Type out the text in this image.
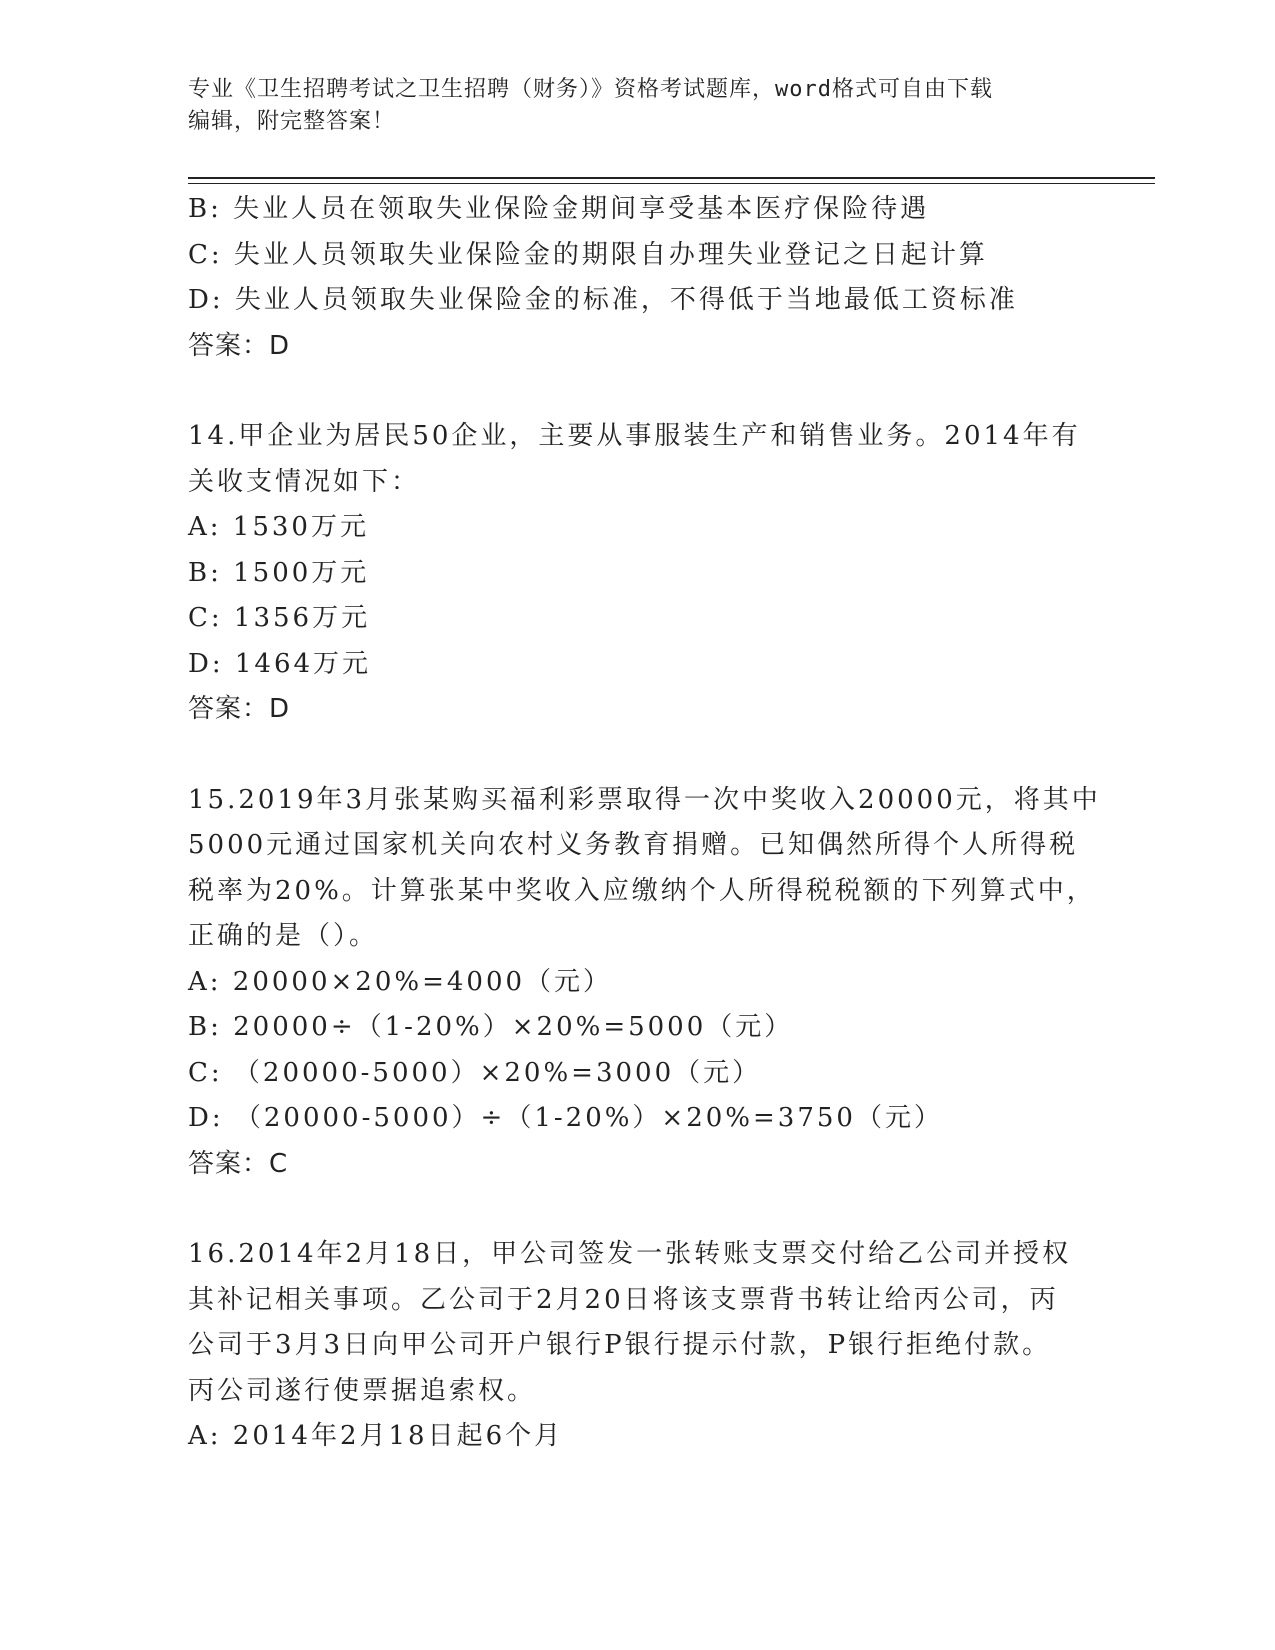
专业《卫生招聘考试之卫生招聘（财务）》资格考试题库，word格式可自由下载
编辑，附完整答案！
B: 失业人员在领取失业保险金期间享受基本医疗保险待遇
C: 失业人员领取失业保险金的期限自办理失业登记之日起计算
D: 失业人员领取失业保险金的标准，不得低于当地最低工资标准
答案：D
14.甲企业为居民50企业，主要从事服装生产和销售业务。2014年有
关收支情况如下：
A: 1530万元
B: 1500万元
C: 1356万元
D: 1464万元
答案：D
15.2019年3月张某购买福利彩票取得一次中奖收入20000元，将其中
5000元通过国家机关向农村义务教育捐赠。已知偶然所得个人所得税
税率为20%。计算张某中奖收入应缴纳个人所得税税额的下列算式中，
正确的是（）。
A: 20000×20%=4000（元）
B: 20000÷（1-20%）×20%=5000（元）
C: （20000-5000）×20%=3000（元）
D: （20000-5000）÷（1-20%）×20%=3750（元）
答案：C
16.2014年2月18日，甲公司签发一张转账支票交付给乙公司并授权
其补记相关事项。乙公司于2月20日将该支票背书转让给丙公司，丙
公司于3月3日向甲公司开户银行P银行提示付款，P银行拒绝付款。
丙公司遂行使票据追索权。
A: 2014年2月18日起6个月
